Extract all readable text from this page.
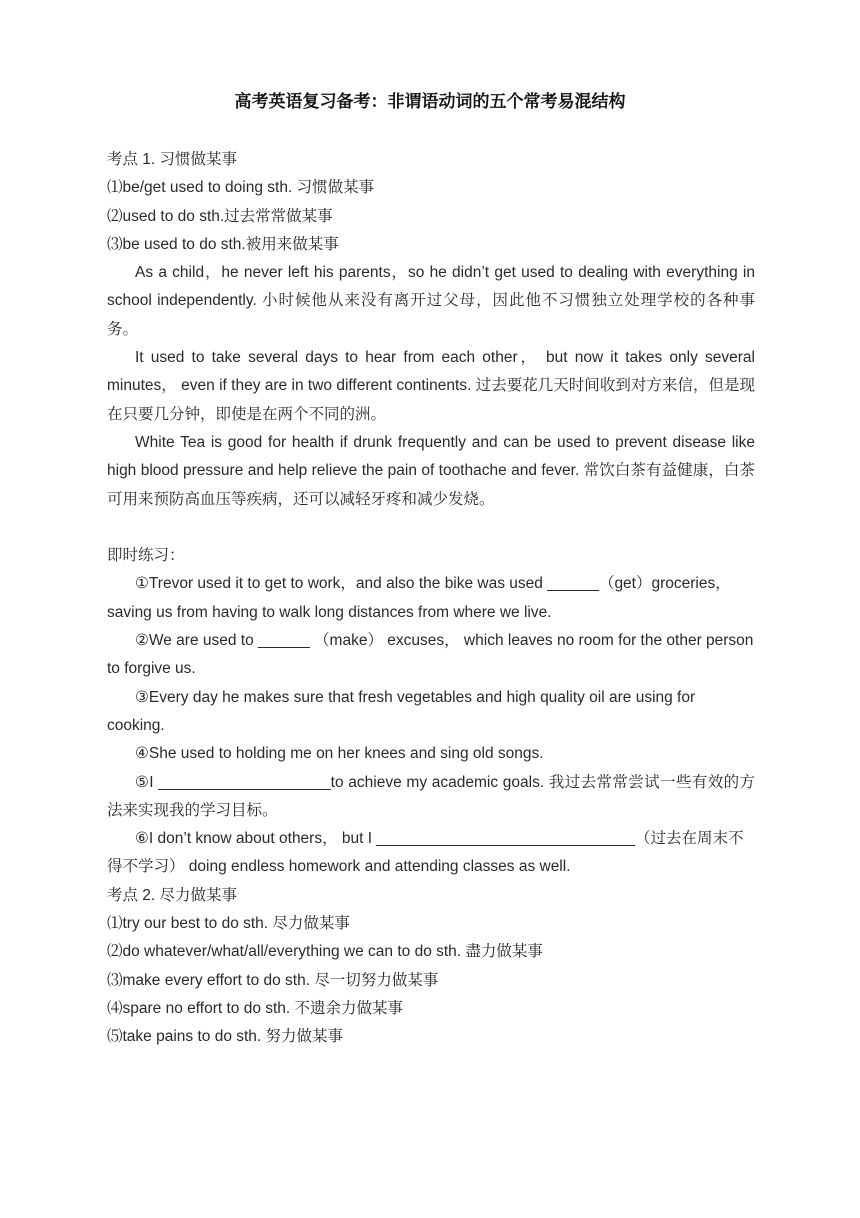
高考英语复习备考：非谓语动词的五个常考易混结构

考点 1. 习惯做某事

⑴be/get used to doing sth. 习惯做某事

⑵used to do sth.过去常常做某事

⑶be used to do sth.被用来做某事

As a child，he never left his parents，so he didn’t get used to dealing with everything in school independently. 小时候他从来没有离开过父母，因此他不习惯独立处理学校的各种事务。

It used to take several days to hear from each other， but now it takes only several minutes， even if they are in two different continents. 过去要花几天时间收到对方来信，但是现在只要几分钟，即使是在两个不同的洲。

White Tea is good for health if drunk frequently and can be used to prevent disease like high blood pressure and help relieve the pain of toothache and fever. 常饮白茶有益健康，白茶可用来预防高血压等疾病，还可以减轻牙疼和减少发烧。

即时练习：

①Trevor used it to get to work，and also the bike was used ______（get）groceries，saving us from having to walk long distances from where we live.

②We are used to ______ （make） excuses， which leaves no room for the other person to forgive us.

③Every day he makes sure that fresh vegetables and high quality oil are using for cooking.

④She used to holding me on her knees and sing old songs.

⑤I ____________________to achieve my academic goals. 我过去常常尝试一些有效的方法来实现我的学习目标。

⑥I don’t know about others， but I ______________________________（过去在周末不得不学习） doing endless homework and attending classes as well.

考点 2. 尽力做某事

⑴try our best to do sth. 尽力做某事

⑵do whatever/what/all/everything we can to do sth. 盡力做某事

⑶make every effort to do sth. 尽一切努力做某事

⑷spare no effort to do sth. 不遗余力做某事

⑸take pains to do sth. 努力做某事
